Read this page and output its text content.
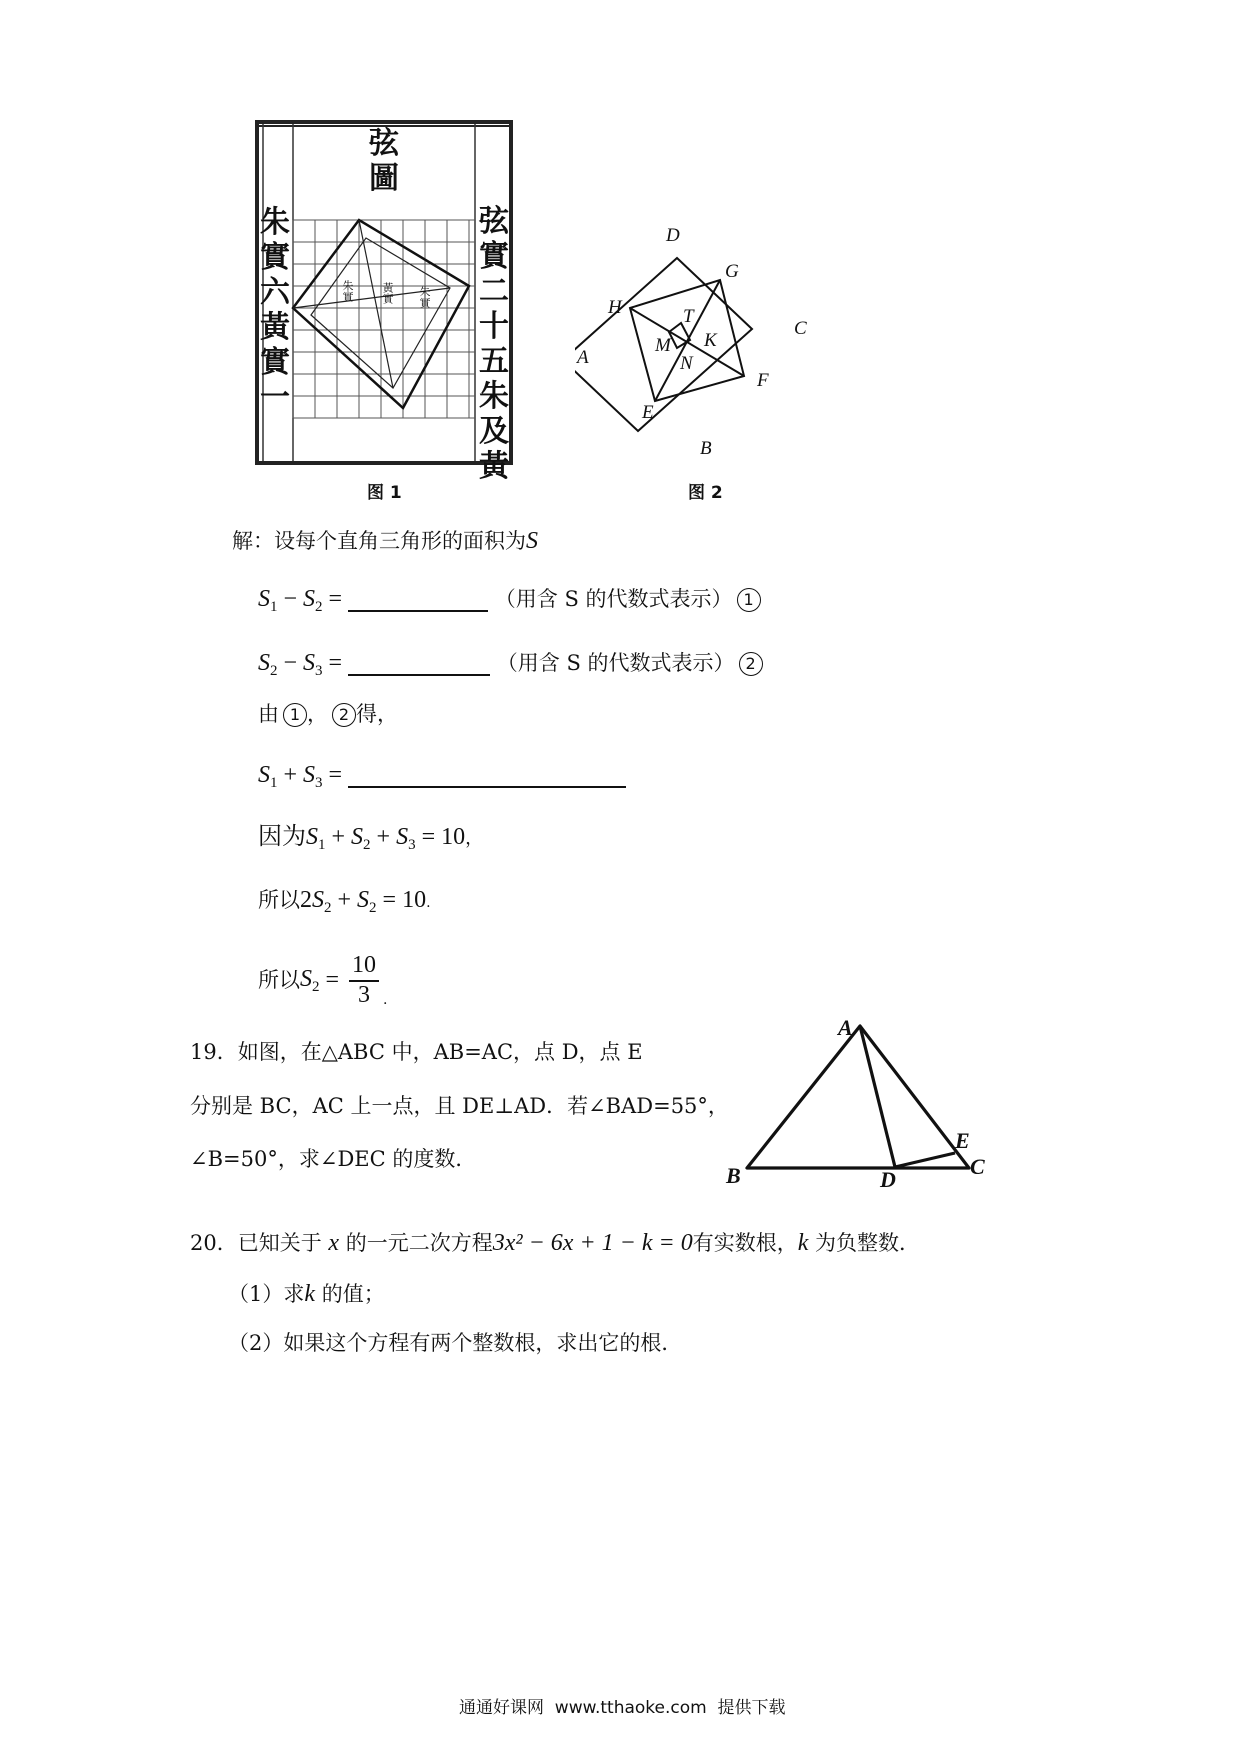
弦
圖
朱
實
六
黃
實
一
弦
實
二
十
五
朱
及
黃
朱實 黃實 朱實
图 1
D
G
H	T
C
K
M
A	N
F
E
B
图 2
解：设每个直角三角形的面积为S
$S_1 - S_2$ =	（用含 S 的代数式表示） 1
$S_2 - S_3$ =	（用含 S 的代数式表示） 2
由 1 ， 2 得，
$S_1 + S_3$ =
因为$S_1 + S_2 + S_3 = 10$，
所以$2S_2 + S_2 = 10$.
所以$S_2 = \frac{10}{3} _.$
19．如图，在△ABC 中，AB=AC，点 D，点 E
分别是 BC，AC 上一点，且 DE⊥AD．若∠BAD=55°，
∠B=50°，求∠DEC 的度数．
A
E
B	D
C
20．已知关于 x 的一元二次方程3x² − 6x + 1 − k = 0有实数根，k 为负整数．
（1）求k 的值；
（2）如果这个方程有两个整数根，求出它的根．
通通好课网  www.tthaoke.com  提供下载
